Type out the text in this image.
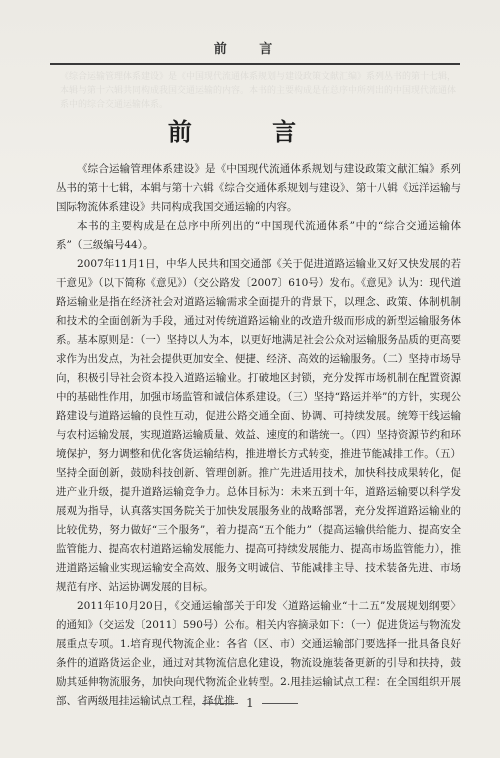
前 言
《综合运输管理体系建设》是《中国现代流通体系规划与建设政策文献汇编》系列丛书的第十七辑，本辑与第十六辑共同构成我国交通运输的内容。本书的主要构成是在总序中所列出的中国现代流通体系中的综合交通运输体系。
前 言

《综合运输管理体系建设》是《中国现代流通体系规划与建设政策文献汇编》系列丛书的第十七辑，本辑与第十六辑《综合交通体系规划与建设》、第十八辑《远洋运输与国际物流体系建设》共同构成我国交通运输的内容。

本书的主要构成是在总序中所列出的“中国现代流通体系”中的“综合交通运输体系”（三级编号44）。

2007年11月1日，中华人民共和国交通部《关于促进道路运输业又好又快发展的若干意见》（以下简称《意见》）（交公路发〔2007〕610号）发布。《意见》认为：现代道路运输业是指在经济社会对道路运输需求全面提升的背景下，以理念、政策、体制机制和技术的全面创新为手段，通过对传统道路运输业的改造升级而形成的新型运输服务体系。基本原则是：（一）坚持以人为本，以更好地满足社会公众对运输服务品质的更高要求作为出发点，为社会提供更加安全、便捷、经济、高效的运输服务。（二）坚持市场导向，积极引导社会资本投入道路运输业。打破地区封锁，充分发挥市场机制在配置资源中的基础性作用，加强市场监管和诚信体系建设。（三）坚持“路运并举”的方针，实现公路建设与道路运输的良性互动，促进公路交通全面、协调、可持续发展。统筹干线运输与农村运输发展，实现道路运输质量、效益、速度的和谐统一。（四）坚持资源节约和环境保护，努力调整和优化客货运输结构，推进增长方式转变，推进节能减排工作。（五）坚持全面创新，鼓励科技创新、管理创新。推广先进适用技术，加快科技成果转化，促进产业升级，提升道路运输竞争力。总体目标为：未来五到十年，道路运输要以科学发展观为指导，认真落实国务院关于加快发展服务业的战略部署，充分发挥道路运输业的比较优势，努力做好“三个服务”，着力提高“五个能力”（提高运输供给能力、提高安全监管能力、提高农村道路运输发展能力、提高可持续发展能力、提高市场监管能力），推进道路运输业实现运输安全高效、服务文明诚信、节能减排主导、技术装备先进、市场规范有序、站运协调发展的目标。

2011年10月20日，《交通运输部关于印发〈道路运输业“十二五”发展规划纲要〉的通知》（交运发〔2011〕590号）公布。相关内容摘录如下：（一）促进货运与物流发展重点专项。1.培育现代物流企业：各省（区、市）交通运输部门要选择一批具备良好条件的道路货运企业，通过对其物流信息化建设，物流设施装备更新的引导和扶持，鼓励其延伸物流服务，加快向现代物流企业转型。2.甩挂运输试点工程：在全国组织开展部、省两级甩挂运输试点工程，择优推 1
